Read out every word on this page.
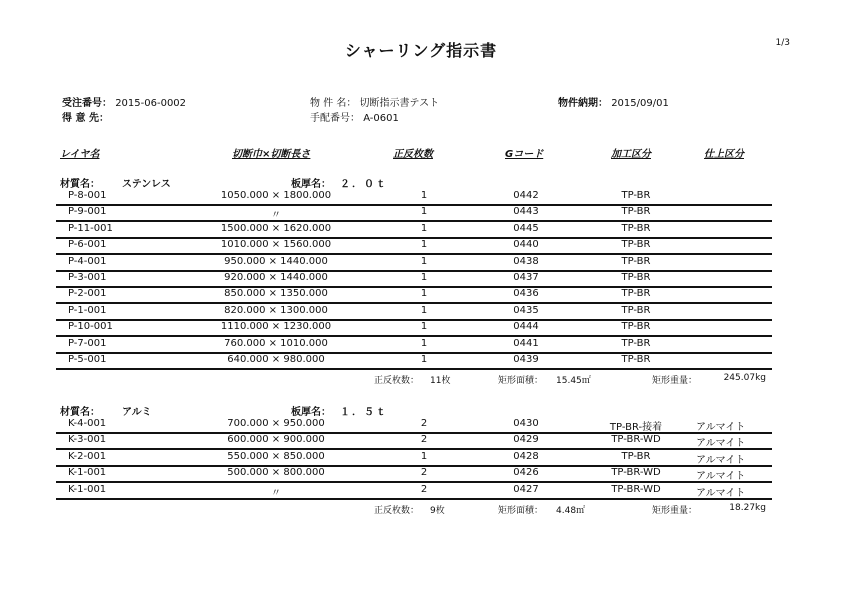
シャーリング指示書	1/3
受注番号： 2015-06-0002
得 意 先：
物 件 名： 切断指示書テスト
手配番号： A-0601
物件納期： 2015/09/01
レイヤ名	切断巾×切断長さ	正反枚数	Gコード	加工区分	仕上区分
材質名： ステンレス	板厚名： ２．０ｔ
P-8-001	1050.000 × 1800.000	1	0442	TP-BR
P-9-001	〃	1	0443	TP-BR
P-11-001	1500.000 × 1620.000	1	0445	TP-BR
P-6-001	1010.000 × 1560.000	1	0440	TP-BR
P-4-001	950.000 × 1440.000	1	0438	TP-BR
P-3-001	920.000 × 1440.000	1	0437	TP-BR
P-2-001	850.000 × 1350.000	1	0436	TP-BR
P-1-001	820.000 × 1300.000	1	0435	TP-BR
P-10-001	1110.000 × 1230.000	1	0444	TP-BR
P-7-001	760.000 × 1010.000	1	0441	TP-BR
P-5-001	640.000 × 980.000	1	0439	TP-BR
正反枚数： 11枚	矩形面積： 15.45㎡	矩形重量：	245.07kg
材質名： アルミ	板厚名： １．５ｔ
K-4-001	700.000 × 950.000	2	0430	TP-BR-接着	アルマイト
K-3-001	600.000 × 900.000	2	0429	TP-BR-WD	アルマイト
K-2-001	550.000 × 850.000	1	0428	TP-BR	アルマイト
K-1-001	500.000 × 800.000	2	0426	TP-BR-WD	アルマイト
K-1-001	〃	2	0427	TP-BR-WD	アルマイト
正反枚数： 9枚	矩形面積： 4.48㎡	矩形重量：	18.27kg
